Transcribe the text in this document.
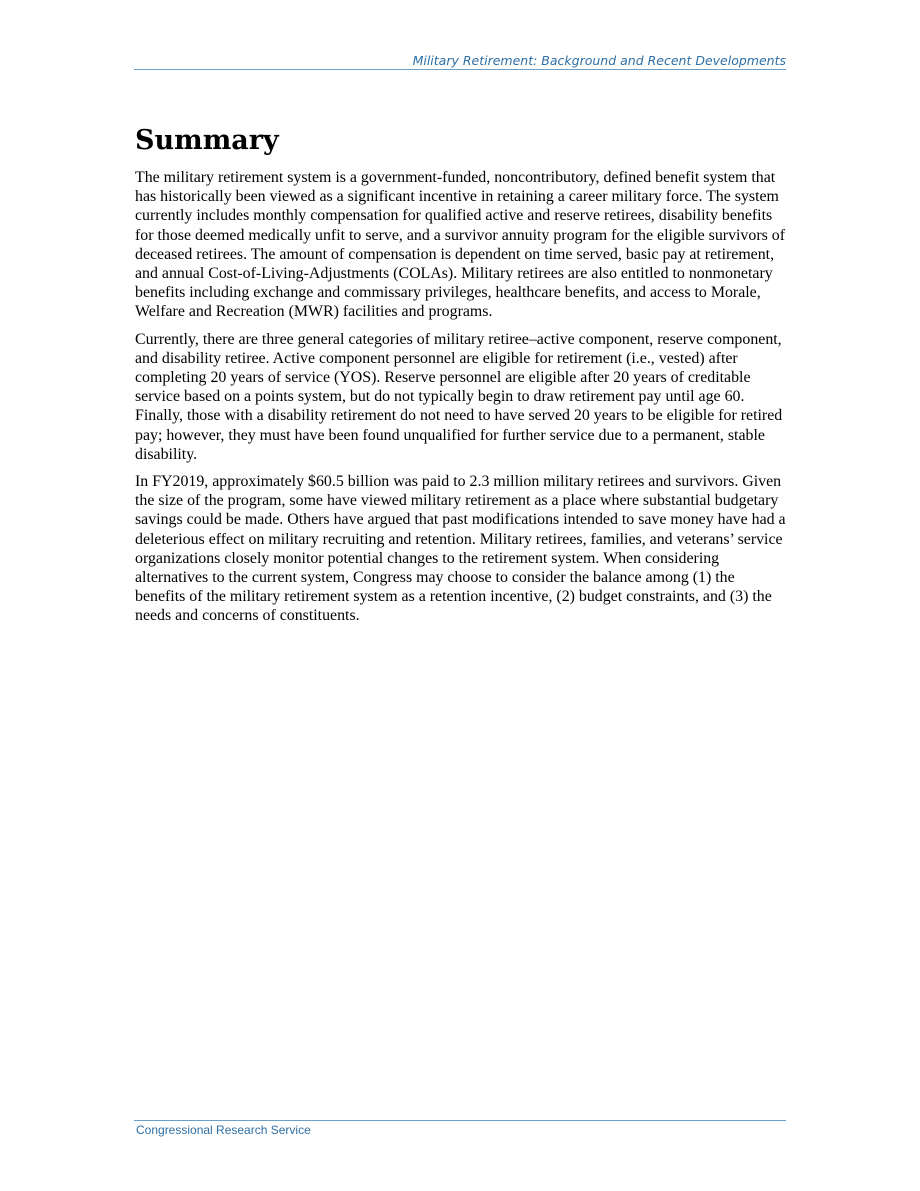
Military Retirement: Background and Recent Developments
Summary

The military retirement system is a government-funded, noncontributory, defined benefit system that has historically been viewed as a significant incentive in retaining a career military force. The system currently includes monthly compensation for qualified active and reserve retirees, disability benefits for those deemed medically unfit to serve, and a survivor annuity program for the eligible survivors of deceased retirees. The amount of compensation is dependent on time served, basic pay at retirement, and annual Cost-of-Living-Adjustments (COLAs). Military retirees are also entitled to nonmonetary benefits including exchange and commissary privileges, healthcare benefits, and access to Morale, Welfare and Recreation (MWR) facilities and programs.

Currently, there are three general categories of military retiree–active component, reserve component, and disability retiree. Active component personnel are eligible for retirement (i.e., vested) after completing 20 years of service (YOS). Reserve personnel are eligible after 20 years of creditable service based on a points system, but do not typically begin to draw retirement pay until age 60. Finally, those with a disability retirement do not need to have served 20 years to be eligible for retired pay; however, they must have been found unqualified for further service due to a permanent, stable disability.

In FY2019, approximately $60.5 billion was paid to 2.3 million military retirees and survivors. Given the size of the program, some have viewed military retirement as a place where substantial budgetary savings could be made. Others have argued that past modifications intended to save money have had a deleterious effect on military recruiting and retention. Military retirees, families, and veterans’ service organizations closely monitor potential changes to the retirement system. When considering alternatives to the current system, Congress may choose to consider the balance among (1) the benefits of the military retirement system as a retention incentive, (2) budget constraints, and (3) the needs and concerns of constituents.

Congressional Research Service
